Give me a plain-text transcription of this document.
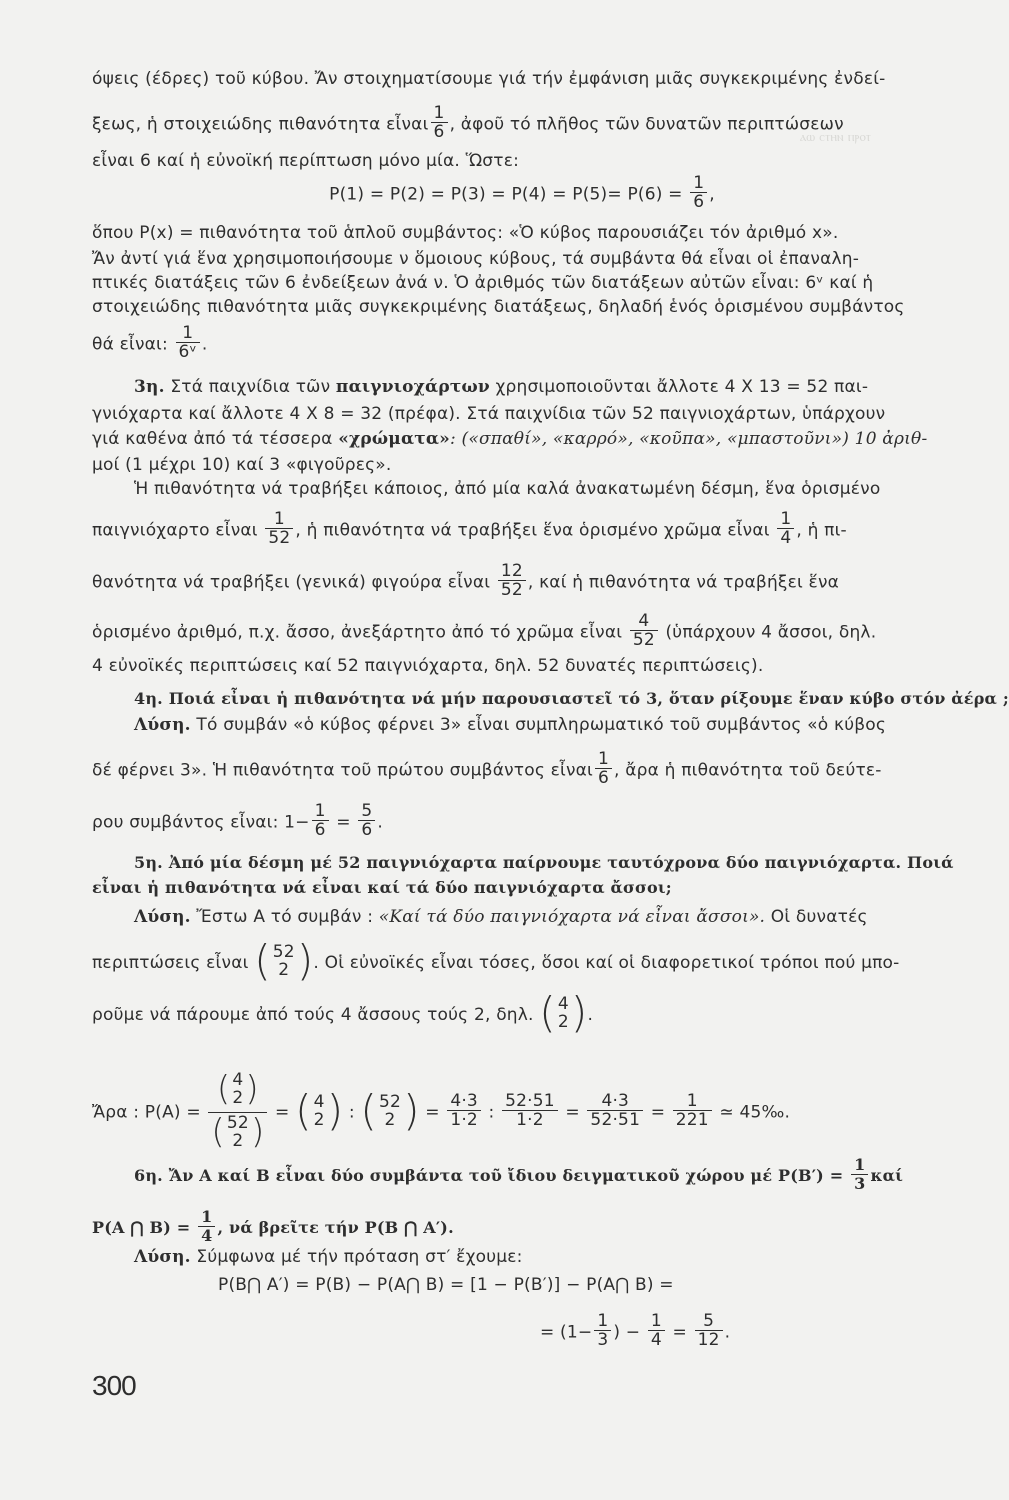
ⲁⲱ ⲥⲧⲏⲛ ⲡⲣⲟⲧ
όψεις (έδρες) τοῦ κύβου. Ἄν στοιχηματίσουμε γιά τήν ἐμφάνιση μιᾶς συγκεκριμένης ἐνδεί-
ξεως, ἡ στοιχειώδης πιθανότητα εἶναι $\frac{1}{6}$ , ἀφοῦ τό πλῆθος τῶν δυνατῶν περιπτώσεων
εἶναι 6 καί ἡ εὐνοϊκή περίπτωση μόνο μία. Ὥστε:
$P(1) = P(2) = P(3) = P(4) = P(5)= P(6) = \frac{1}{6}$ ,
ὅπου P(x) = πιθανότητα τοῦ ἁπλοῦ συμβάντος: «Ὁ κύβος παρουσιάζει τόν ἀριθμό x».
Ἄν ἀντί γιά ἕνα χρησιμοποιήσουμε ν ὅμοιους κύβους, τά συμβάντα θά εἶναι οἱ ἐπαναλη-
πτικές διατάξεις τῶν 6 ἐνδείξεων ἀνά ν. Ὁ ἀριθμός τῶν διατάξεων αὐτῶν εἶναι: 6ᵛ καί ἡ
στοιχειώδης πιθανότητα μιᾶς συγκεκριμένης διατάξεως, δηλαδή ἑνός ὁρισμένου συμβάντος
θά εἶναι: $\frac{1}{\text{6ᵛ}}$ .
3η. Στά παιχνίδια τῶν παιγνιοχάρτων χρησιμοποιοῦνται ἄλλοτε 4 X 13 = 52 παι-
γνιόχαρτα καί ἄλλοτε 4 X 8 = 32 (πρέφα). Στά παιχνίδια τῶν 52 παιγνιοχάρτων, ὑπάρχουν
γιά καθένα ἀπό τά τέσσερα «χρώματα»: («σπαθί», «καρρό», «κοῦπα», «μπαστοῦνι») 10 ἀριθ-
μοί (1 μέχρι 10) καί 3 «φιγοῦρες».
Ἡ πιθανότητα νά τραβήξει κάποιος, ἀπό μία καλά ἀνακατωμένη δέσμη, ἕνα ὁρισμένο
παιγνιόχαρτο εἶναι $\frac{1}{52}$ , ἡ πιθανότητα νά τραβήξει ἕνα ὁρισμένο χρῶμα εἶναι $\frac{1}{4}$ , ἡ πι-
θανότητα νά τραβήξει (γενικά) φιγούρα εἶναι $\frac{12}{52}$ , καί ἡ πιθανότητα νά τραβήξει ἕνα
ὁρισμένο ἀριθμό, π.χ. ἄσσο, ἀνεξάρτητο ἀπό τό χρῶμα εἶναι $\frac{4}{52}$ (ὑπάρχουν 4 ἄσσοι, δηλ.
4 εὐνοϊκές περιπτώσεις καί 52 παιγνιόχαρτα, δηλ. 52 δυνατές περιπτώσεις).
4η. Ποιά εἶναι ἡ πιθανότητα νά μήν παρουσιαστεῖ τό 3, ὅταν ρίξουμε ἕναν κύβο στόν ἀέρα ;
Λύση. Τό συμβάν «ὁ κύβος φέρνει 3» εἶναι συμπληρωματικό τοῦ συμβάντος «ὁ κύβος
δέ φέρνει 3». Ἡ πιθανότητα τοῦ πρώτου συμβάντος εἶναι $\frac{1}{6}$ , ἄρα ἡ πιθανότητα τοῦ δεύτε-
ρου συμβάντος εἶναι: $1- \frac{1}{6} = \frac{5}{6}$ .
5η. Ἀπό μία δέσμη μέ 52 παιγνιόχαρτα παίρνουμε ταυτόχρονα δύο παιγνιόχαρτα. Ποιά
εἶναι ἡ πιθανότητα νά εἶναι καί τά δύο παιγνιόχαρτα ἄσσοι;
Λύση. Ἔστω Α τό συμβάν : «Καί τά δύο παιγνιόχαρτα νά εἶναι ἄσσοι». Οἱ δυνατές
περιπτώσεις εἶναι ( 52
2 ). Οἱ εὐνοϊκές εἶναι τόσες, ὅσοι καί οἱ διαφορετικοί τρόποι πού μπο-
ροῦμε νά πάρουμε ἀπό τούς 4 ἄσσους τούς 2, δηλ. ( 4
2 ).
Ἄρα : P(A) = ( 4
2 )
( 52
2 ) = ( 4
2 ) : ( 52
2 ) = $\frac{4\cdot 3}{1\cdot 2}$ : $\frac{52\cdot 51}{1\cdot 2} = \frac{4\cdot 3}{52\cdot 51} = \frac{1}{221}$ ≃ 45‰.
6η. Ἄν A καί B εἶναι δύο συμβάντα τοῦ ἴδιου δειγματικοῦ χώρου μέ $P(B') = \frac{1}{3}$ καί
P(A ⋂ $B) = \frac{1}{4}$ , νά βρεῖτε τήν P(B ⋂ A′).
Λύση. Σύμφωνα μέ τήν πρόταση στ′ ἔχουμε:
P(B⋂ A′) = P(B) − P(A⋂ B) = [1 − P(B′)] − P(A⋂ B) =
= ($1- \frac{1}{3}$ ) − $\frac{1}{4} = \frac{5}{12}$ .
300
